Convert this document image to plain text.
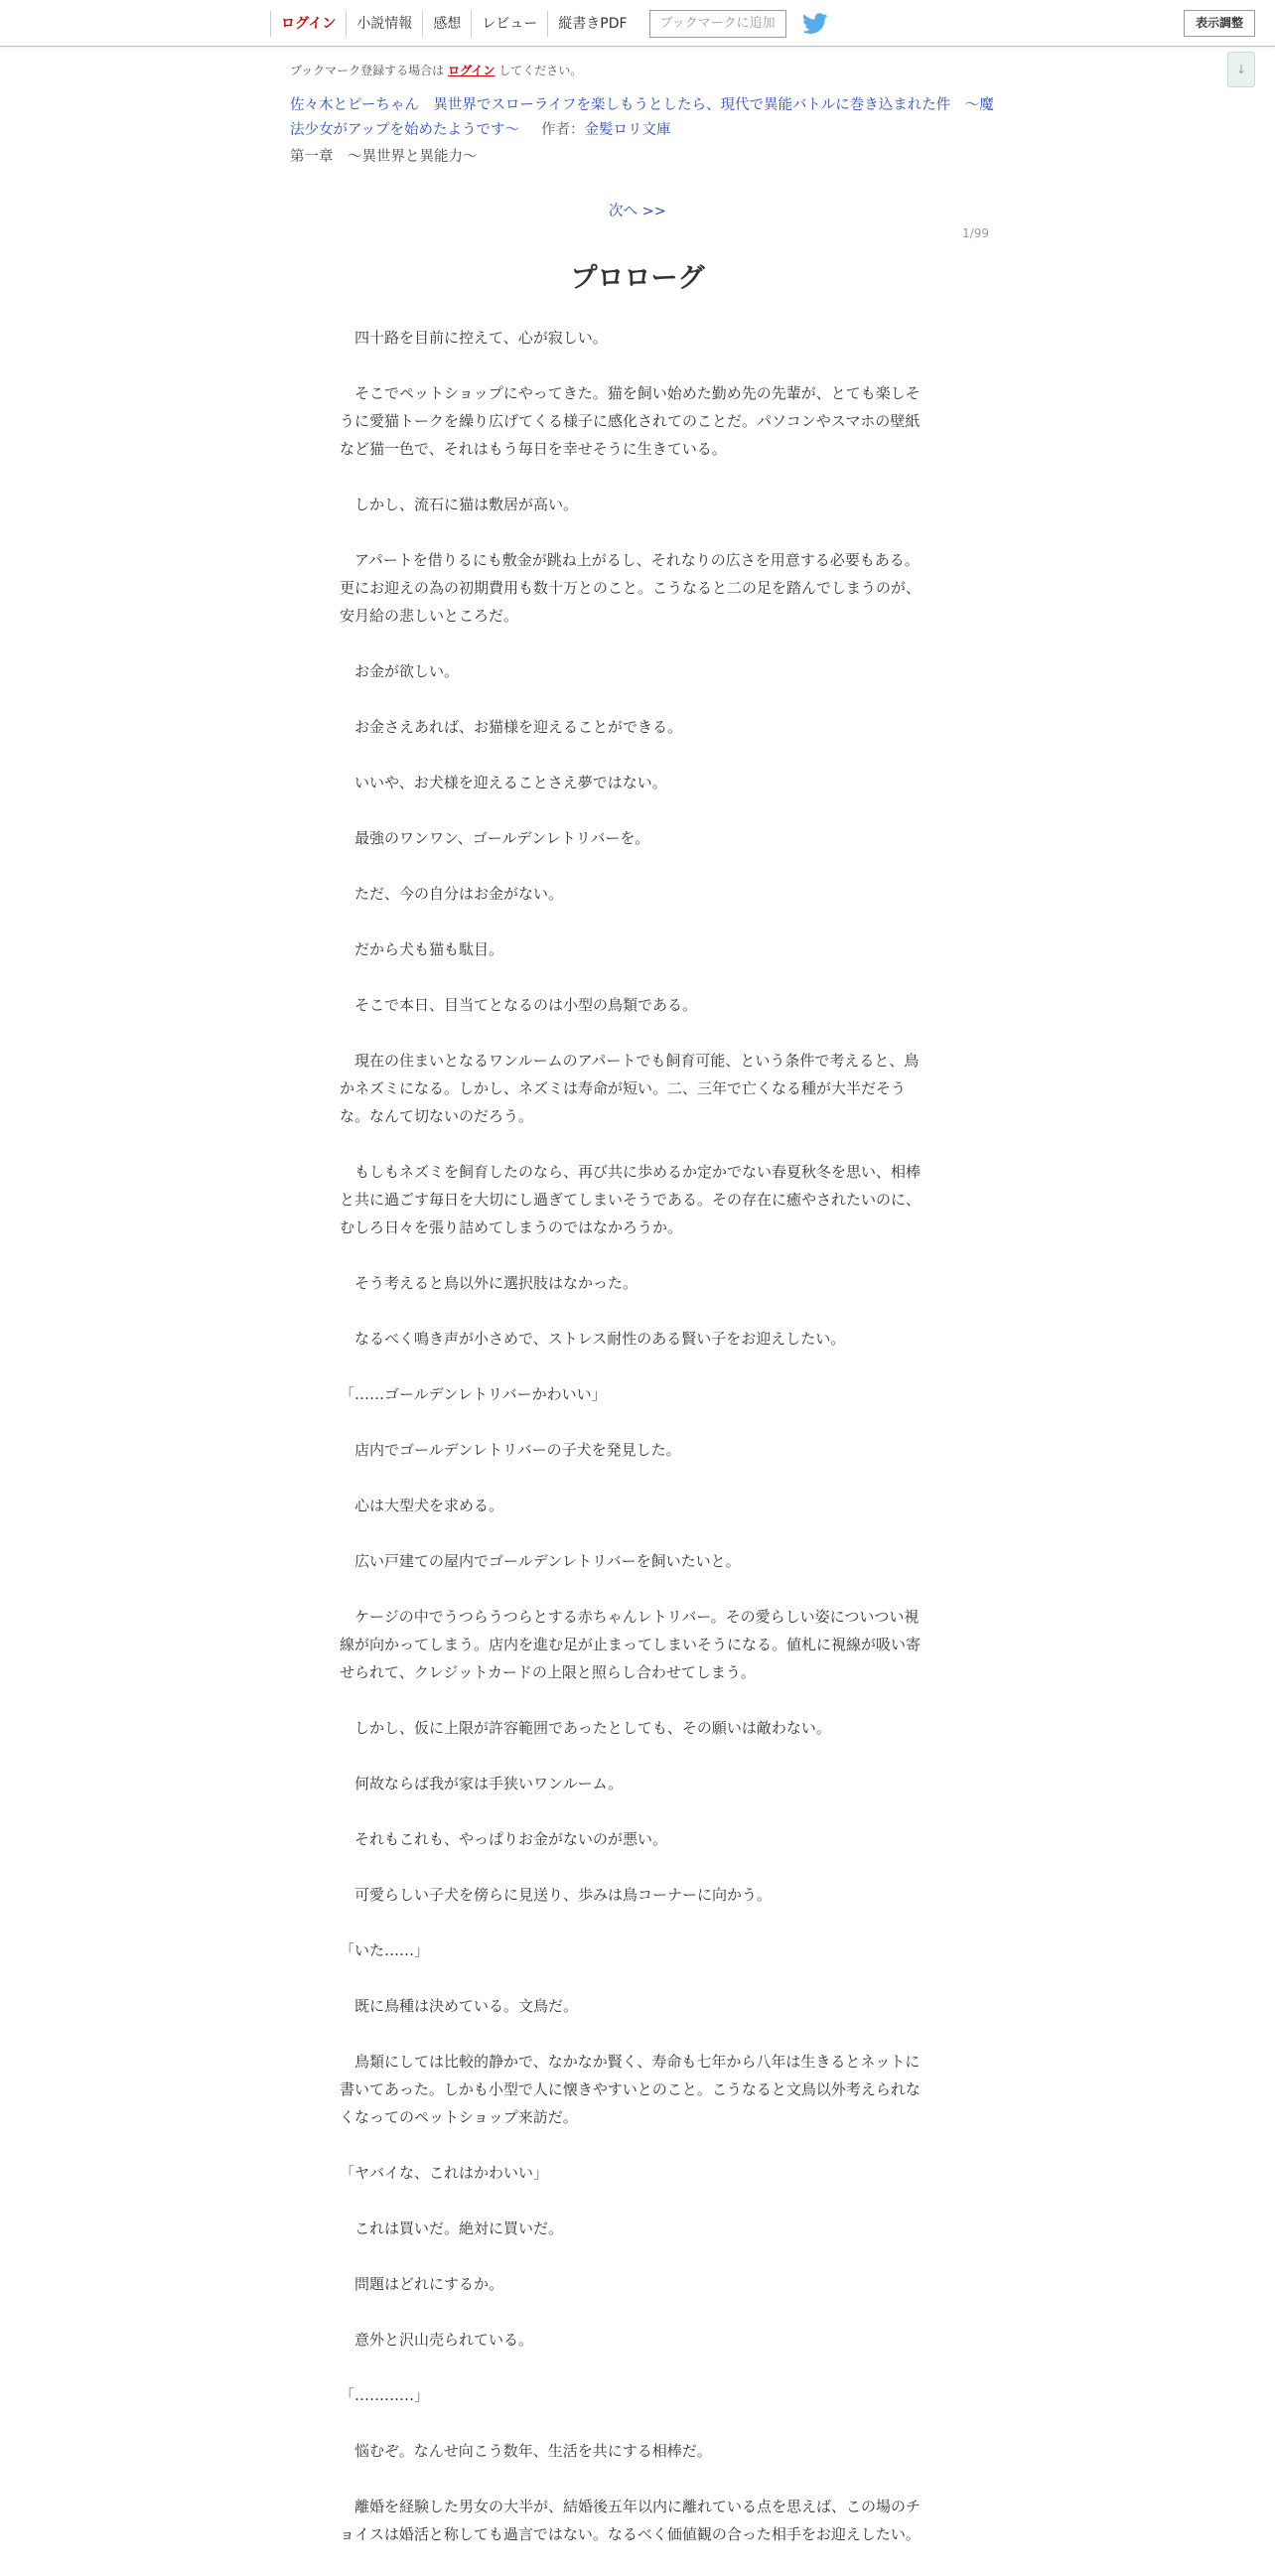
ログイン	小説情報	感想	レビュー	縦書きPDF	ブックマークに追加	表示調整
↓
ブックマーク登録する場合は ログイン してください。
佐々木とピーちゃん　異世界でスローライフを楽しもうとしたら、現代で異能バトルに巻き込まれた件　～魔法少女がアップを始めたようです～ 作者：金髪ロリ文庫
第一章　～異世界と異能力～
次へ >>
1/99
プロローグ

四十路を目前に控えて、心が寂しい。

そこでペットショップにやってきた。猫を飼い始めた勤め先の先輩が、とても楽しそうに愛猫トークを繰り広げてくる様子に感化されてのことだ。パソコンやスマホの壁紙など猫一色で、それはもう毎日を幸せそうに生きている。

しかし、流石に猫は敷居が高い。

アパートを借りるにも敷金が跳ね上がるし、それなりの広さを用意する必要もある。更にお迎えの為の初期費用も数十万とのこと。こうなると二の足を踏んでしまうのが、安月給の悲しいところだ。

お金が欲しい。

お金さえあれば、お猫様を迎えることができる。

いいや、お犬様を迎えることさえ夢ではない。

最強のワンワン、ゴールデンレトリバーを。

ただ、今の自分はお金がない。

だから犬も猫も駄目。

そこで本日、目当てとなるのは小型の鳥類である。

現在の住まいとなるワンルームのアパートでも飼育可能、という条件で考えると、鳥かネズミになる。しかし、ネズミは寿命が短い。二、三年で亡くなる種が大半だそうな。なんて切ないのだろう。

もしもネズミを飼育したのなら、再び共に歩めるか定かでない春夏秋冬を思い、相棒と共に過ごす毎日を大切にし過ぎてしまいそうである。その存在に癒やされたいのに、むしろ日々を張り詰めてしまうのではなかろうか。

そう考えると鳥以外に選択肢はなかった。

なるべく鳴き声が小さめで、ストレス耐性のある賢い子をお迎えしたい。

「……ゴールデンレトリバーかわいい」

店内でゴールデンレトリバーの子犬を発見した。

心は大型犬を求める。

広い戸建ての屋内でゴールデンレトリバーを飼いたいと。

ケージの中でうつらうつらとする赤ちゃんレトリバー。その愛らしい姿についつい視線が向かってしまう。店内を進む足が止まってしまいそうになる。値札に視線が吸い寄せられて、クレジットカードの上限と照らし合わせてしまう。

しかし、仮に上限が許容範囲であったとしても、その願いは敵わない。

何故ならば我が家は手狭いワンルーム。

それもこれも、やっぱりお金がないのが悪い。

可愛らしい子犬を傍らに見送り、歩みは鳥コーナーに向かう。

「いた……」

既に鳥種は決めている。文鳥だ。

鳥類にしては比較的静かで、なかなか賢く、寿命も七年から八年は生きるとネットに書いてあった。しかも小型で人に懐きやすいとのこと。こうなると文鳥以外考えられなくなってのペットショップ来訪だ。

「ヤバイな、これはかわいい」

これは買いだ。絶対に買いだ。

問題はどれにするか。

意外と沢山売られている。

「…………」

悩むぞ。なんせ向こう数年、生活を共にする相棒だ。

離婚を経験した男女の大半が、結婚後五年以内に離れている点を思えば、この場のチョイスは婚活と称しても過言ではない。なるべく価値観の合った相手をお迎えしたい。
